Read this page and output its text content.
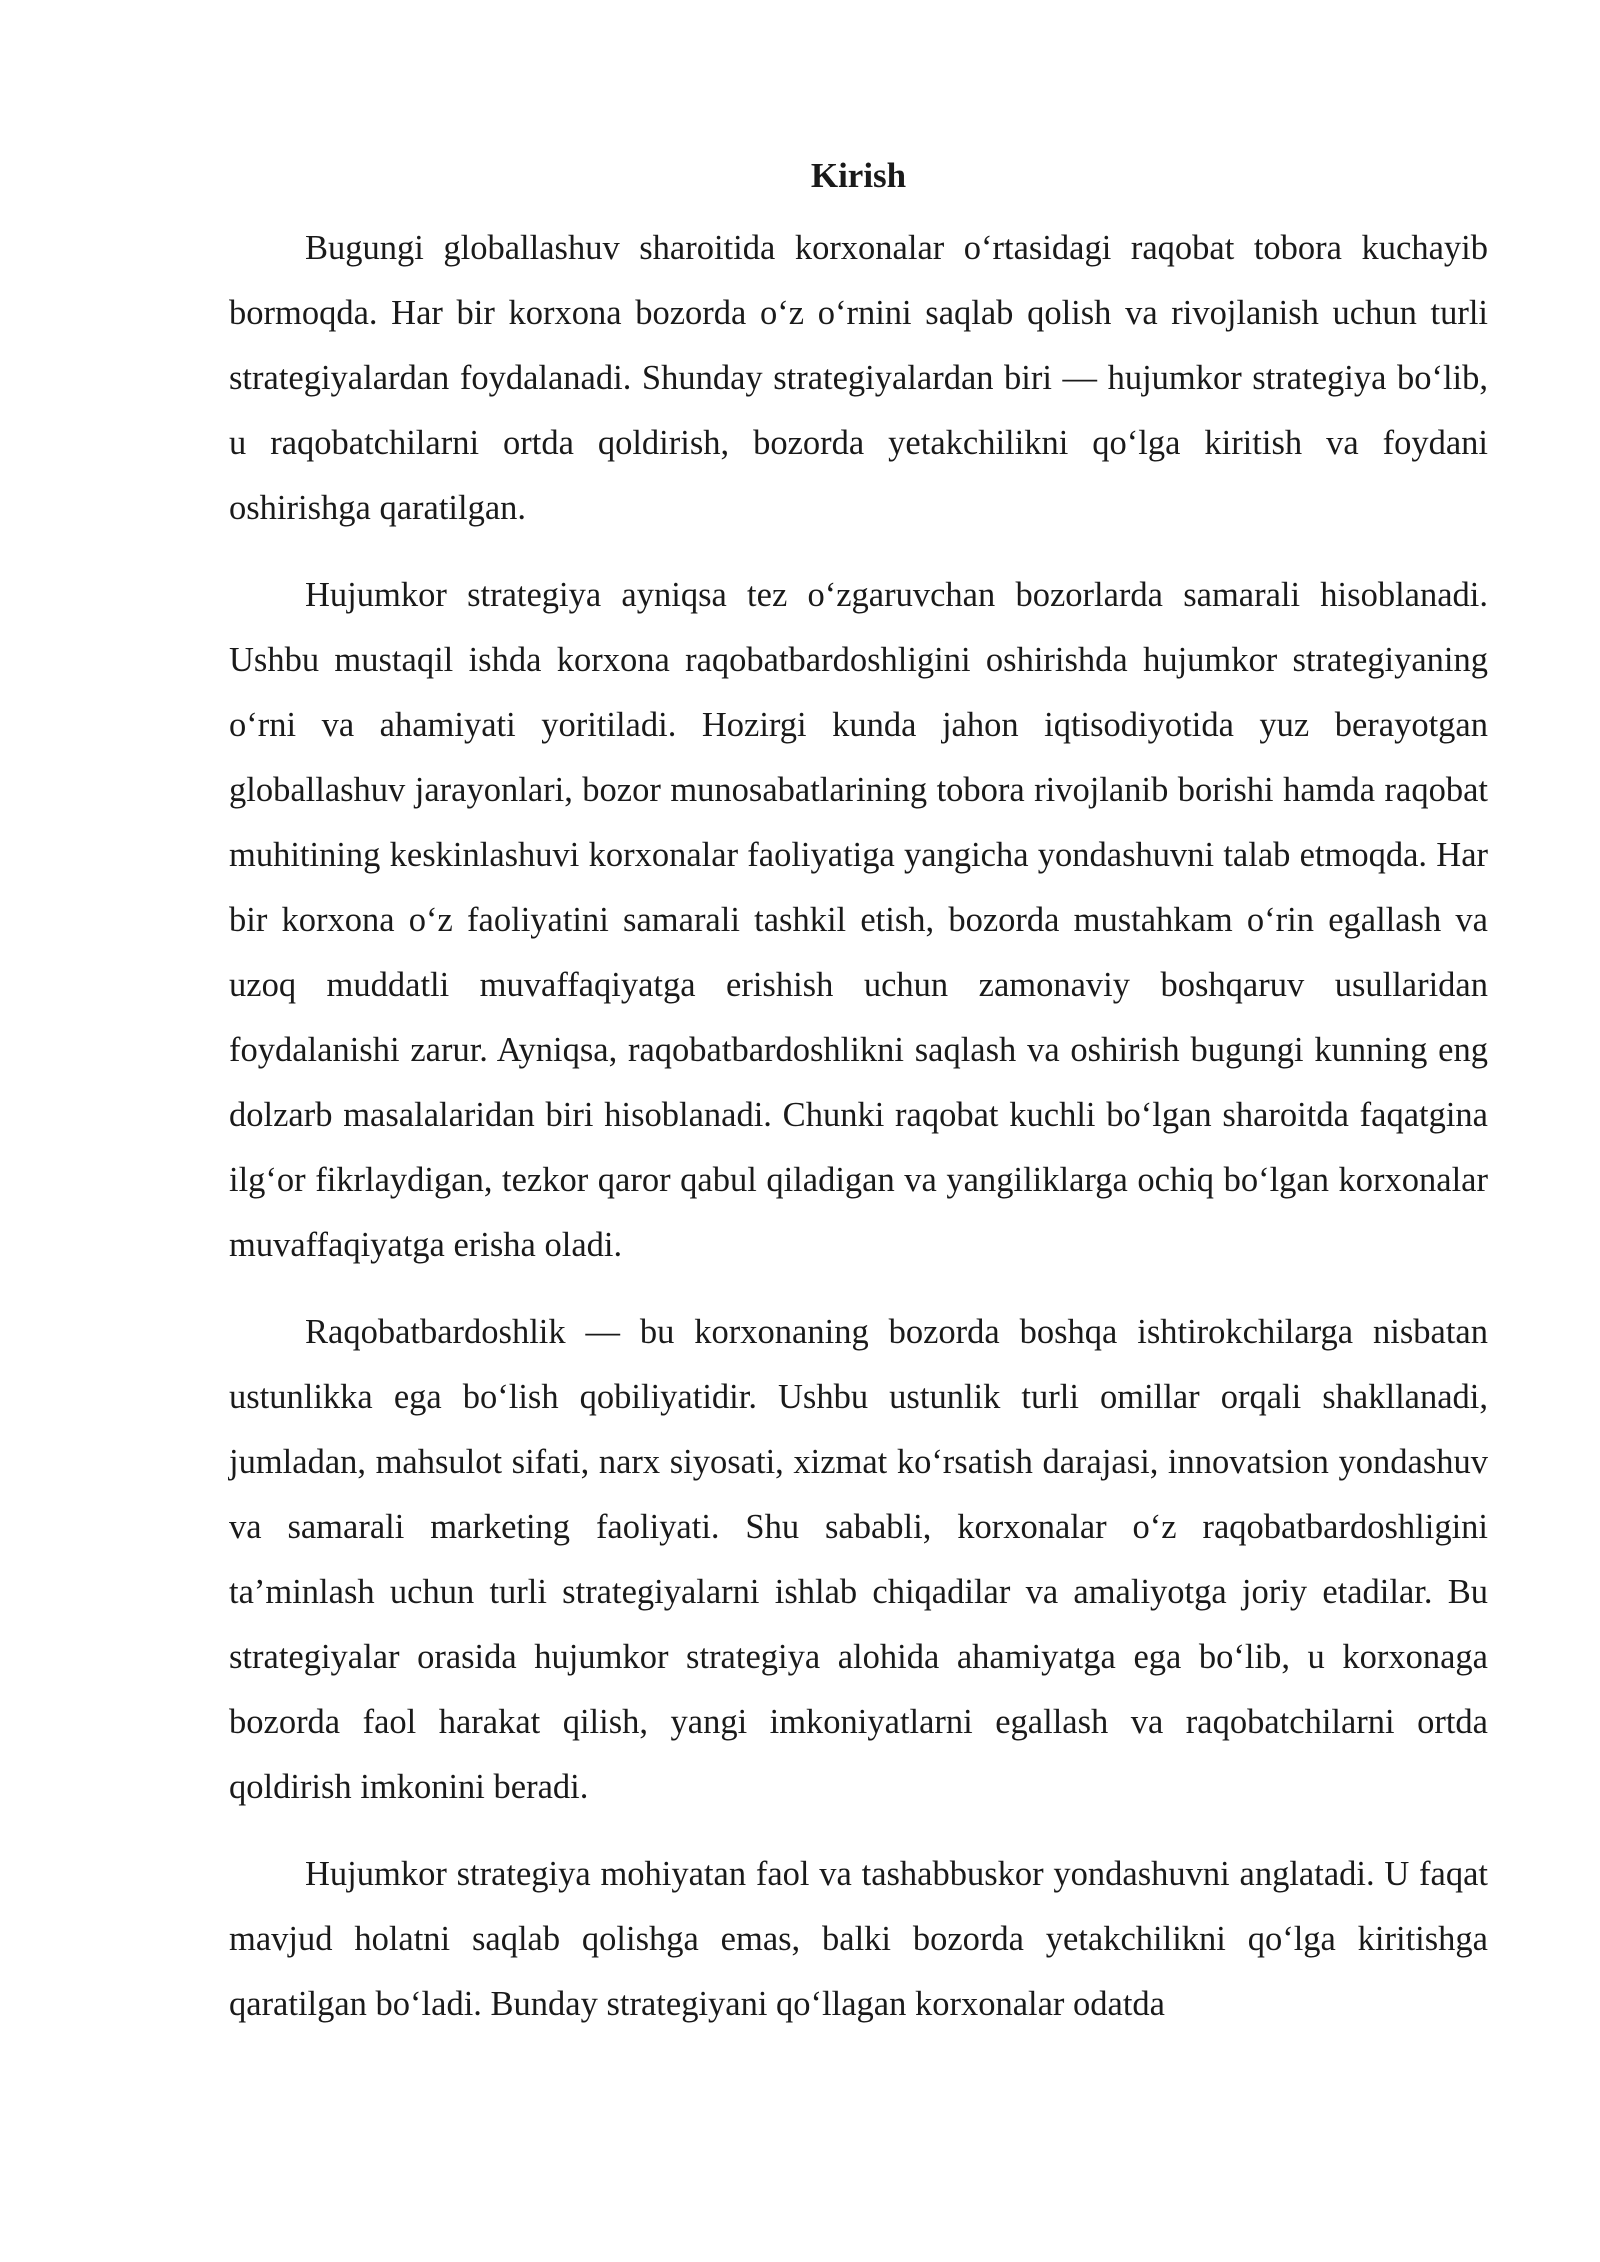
Kirish

Bugungi globallashuv sharoitida korxonalar o‘rtasidagi raqobat tobora kuchayib bormoqda. Har bir korxona bozorda o‘z o‘rnini saqlab qolish va rivojlanish uchun turli strategiyalardan foydalanadi. Shunday strategiyalardan biri — hujumkor strategiya bo‘lib, u raqobatchilarni ortda qoldirish, bozorda yetakchilikni qo‘lga kiritish va foydani oshirishga qaratilgan.

Hujumkor strategiya ayniqsa tez o‘zgaruvchan bozorlarda samarali hisoblanadi. Ushbu mustaqil ishda korxona raqobatbardoshligini oshirishda hujumkor strategiyaning o‘rni va ahamiyati yoritiladi. Hozirgi kunda jahon iqtisodiyotida yuz berayotgan globallashuv jarayonlari, bozor munosabatlarining tobora rivojlanib borishi hamda raqobat muhitining keskinlashuvi korxonalar faoliyatiga yangicha yondashuvni talab etmoqda. Har bir korxona o‘z faoliyatini samarali tashkil etish, bozorda mustahkam o‘rin egallash va uzoq muddatli muvaffaqiyatga erishish uchun zamonaviy boshqaruv usullaridan foydalanishi zarur. Ayniqsa, raqobatbardoshlikni saqlash va oshirish bugungi kunning eng dolzarb masalalaridan biri hisoblanadi. Chunki raqobat kuchli bo‘lgan sharoitda faqatgina ilg‘or fikrlaydigan, tezkor qaror qabul qiladigan va yangiliklarga ochiq bo‘lgan korxonalar muvaffaqiyatga erisha oladi.

Raqobatbardoshlik — bu korxonaning bozorda boshqa ishtirokchilarga nisbatan ustunlikka ega bo‘lish qobiliyatidir. Ushbu ustunlik turli omillar orqali shakllanadi, jumladan, mahsulot sifati, narx siyosati, xizmat ko‘rsatish darajasi, innovatsion yondashuv va samarali marketing faoliyati. Shu sababli, korxonalar o‘z raqobatbardoshligini ta’minlash uchun turli strategiyalarni ishlab chiqadilar va amaliyotga joriy etadilar. Bu strategiyalar orasida hujumkor strategiya alohida ahamiyatga ega bo‘lib, u korxonaga bozorda faol harakat qilish, yangi imkoniyatlarni egallash va raqobatchilarni ortda qoldirish imkonini beradi.

Hujumkor strategiya mohiyatan faol va tashabbuskor yondashuvni anglatadi. U faqat mavjud holatni saqlab qolishga emas, balki bozorda yetakchilikni qo‘lga kiritishga qaratilgan bo‘ladi. Bunday strategiyani qo‘llagan korxonalar odatda
